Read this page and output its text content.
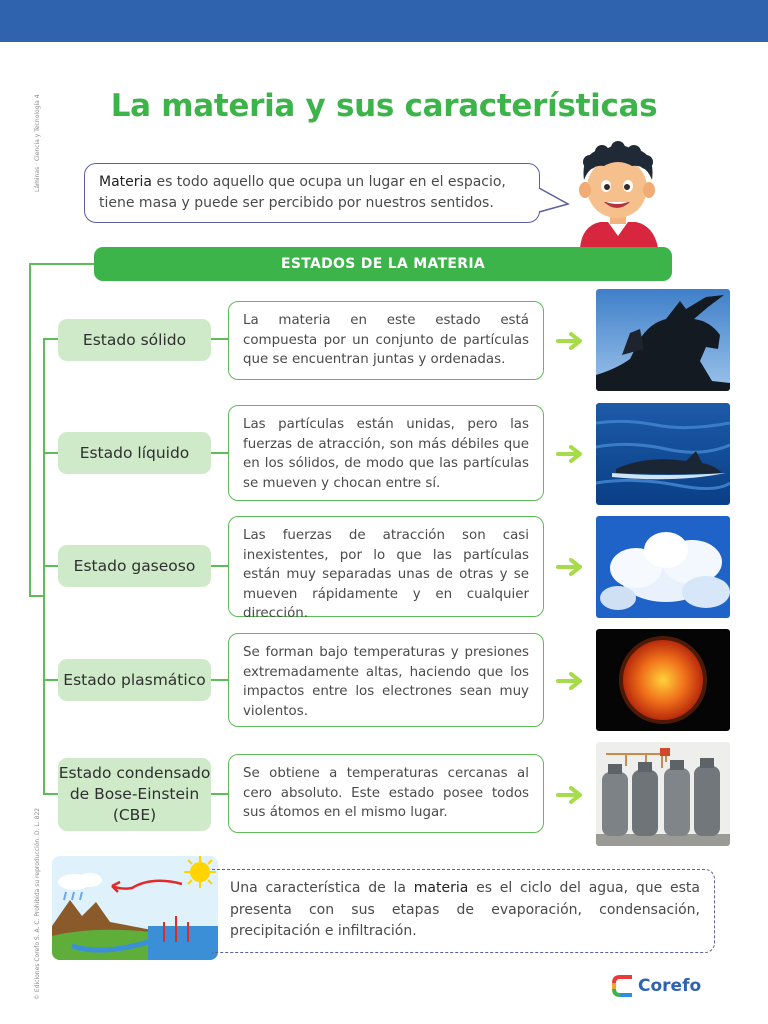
Láminas · Ciencia y Tecnología 4
© Ediciones Corefo S. A. C. Prohibida su reproducción. D. L. 822
La materia y sus características
Materia es todo aquello que ocupa un lugar en el espacio, tiene masa y puede ser percibido por nuestros sentidos.
ESTADOS DE LA MATERIA
Estado sólido
La materia en este estado está compuesta por un conjunto de partículas que se encuentran juntas y ordenadas.
Estado líquido
Las partículas están unidas, pero las fuerzas de atracción, son más débiles que en los sólidos, de modo que las partículas se mueven y chocan entre sí.
Estado gaseoso
Las fuerzas de atracción son casi inexistentes, por lo que las partículas están muy separadas unas de otras y se mueven rápidamente y en cualquier dirección.
Estado plasmático
Se forman bajo temperaturas y presiones extremadamente altas, haciendo que los impactos entre los electrones sean muy violentos.
Estado condensado de Bose-Einstein (CBE)
Se obtiene a temperaturas cercanas al cero absoluto. Este estado posee todos sus átomos en el mismo lugar.
Una característica de la materia es el ciclo del agua, que esta presenta con sus etapas de evaporación, condensación, precipitación e infiltración.
Corefo
